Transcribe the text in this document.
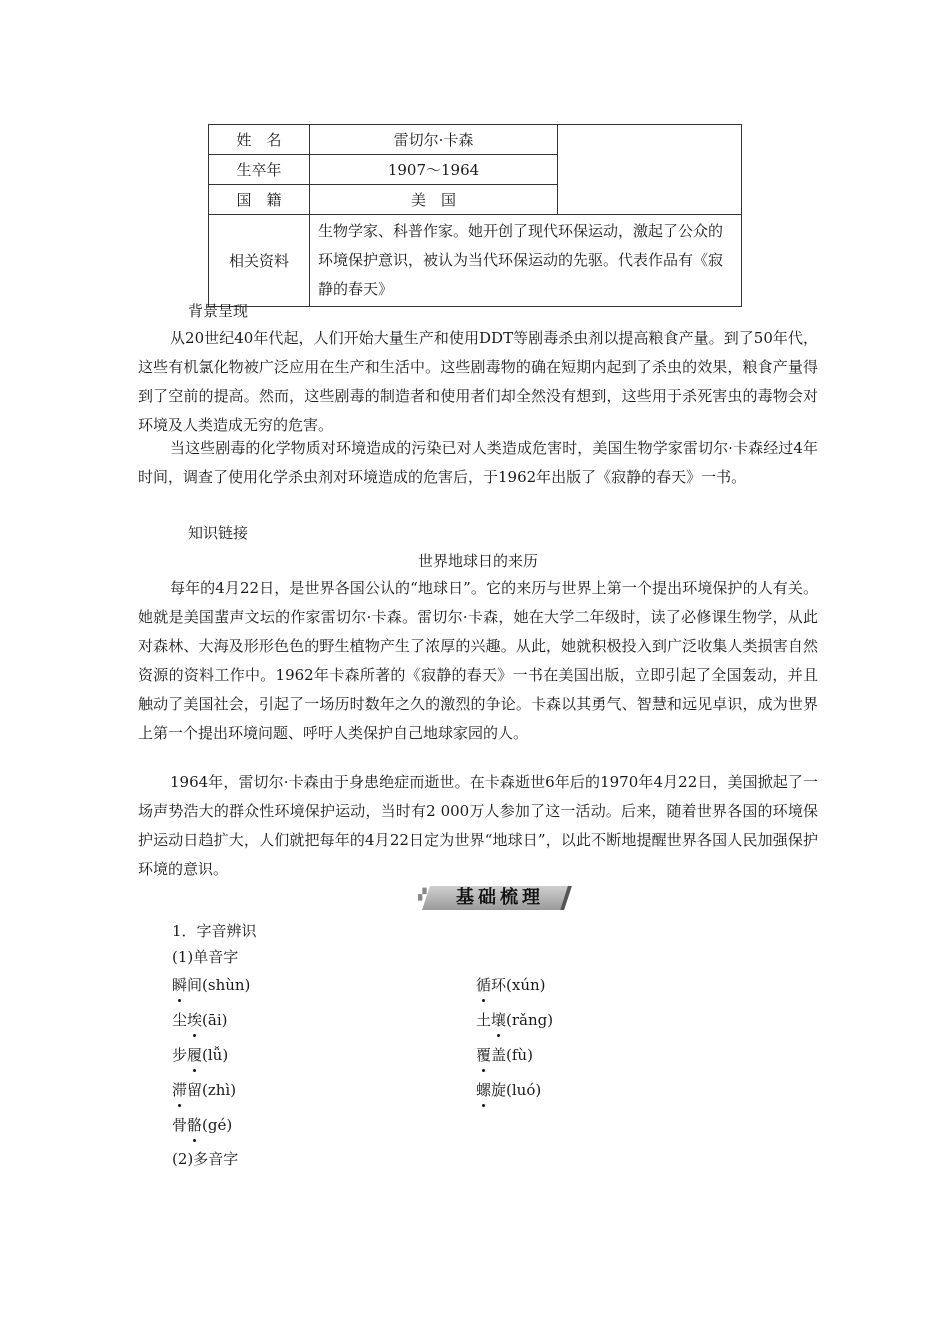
姓　名	雷切尔·卡森	
生卒年	1907～1964	
国　籍	美　国	
相关资料	生物学家、科普作家。她开创了现代环保运动，激起了公众的环境保护意识，被认为当代环保运动的先驱。代表作品有《寂静的春天》	
背景呈现

从20世纪40年代起，人们开始大量生产和使用DDT等剧毒杀虫剂以提高粮食产量。到了50年代，这些有机氯化物被广泛应用在生产和生活中。这些剧毒物的确在短期内起到了杀虫的效果，粮食产量得到了空前的提高。然而，这些剧毒的制造者和使用者们却全然没有想到，这些用于杀死害虫的毒物会对环境及人类造成无穷的危害。

当这些剧毒的化学物质对环境造成的污染已对人类造成危害时，美国生物学家雷切尔·卡森经过4年时间，调查了使用化学杀虫剂对环境造成的危害后，于1962年出版了《寂静的春天》一书。

知识链接
世界地球日的来历

每年的4月22日，是世界各国公认的“地球日”。它的来历与世界上第一个提出环境保护的人有关。她就是美国蜚声文坛的作家雷切尔·卡森。雷切尔·卡森，她在大学二年级时，读了必修课生物学，从此对森林、大海及形形色色的野生植物产生了浓厚的兴趣。从此，她就积极投入到广泛收集人类损害自然资源的资料工作中。1962年卡森所著的《寂静的春天》一书在美国出版，立即引起了全国轰动，并且触动了美国社会，引起了一场历时数年之久的激烈的争论。卡森以其勇气、智慧和远见卓识，成为世界上第一个提出环境问题、呼吁人类保护自己地球家园的人。

1964年，雷切尔·卡森由于身患绝症而逝世。在卡森逝世6年后的1970年4月22日，美国掀起了一场声势浩大的群众性环境保护运动，当时有2 000万人参加了这一活动。后来，随着世界各国的环境保护运动日趋扩大，人们就把每年的4月22日定为世界“地球日”，以此不断地提醒世界各国人民加强保护环境的意识。

▞	基础梳理
1．字音辨识
(1)单音字
瞬间(shùn)
尘埃(āi)
步履(lǚ)
滞留(zhì)
骨骼(gé)
循环(xún)
土壤(rǎng)
覆盖(fù)
螺旋(luó)
(2)多音字
